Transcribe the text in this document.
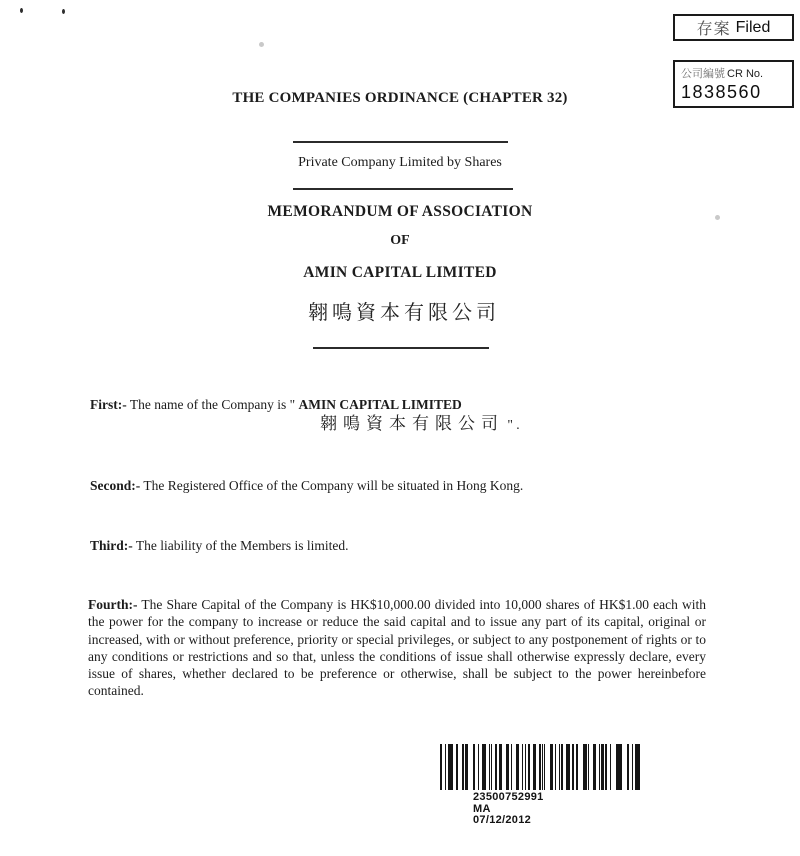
存案 Filed
公司編號 CR No.
1838560
THE COMPANIES ORDINANCE (CHAPTER 32)
Private Company Limited by Shares
MEMORANDUM OF ASSOCIATION
OF
AMIN CAPITAL LIMITED
翱鳴資本有限公司
First:- The name of the Company is " AMIN CAPITAL LIMITED
翱鳴資本有限公司 " .
Second:- The Registered Office of the Company will be situated in Hong Kong.
Third:- The liability of the Members is limited.
Fourth:- The Share Capital of the Company is HK$10,000.00 divided into 10,000 shares of HK$1.00 each with the power for the company to increase or reduce the said capital and to issue any part of its capital, original or increased, with or without preference, priority or special privileges, or subject to any postponement of rights or to any conditions or restrictions and so that, unless the conditions of issue shall otherwise expressly declare, every issue of shares, whether declared to be preference or otherwise, shall be subject to the power hereinbefore contained.
23500752991
MA
07/12/2012
